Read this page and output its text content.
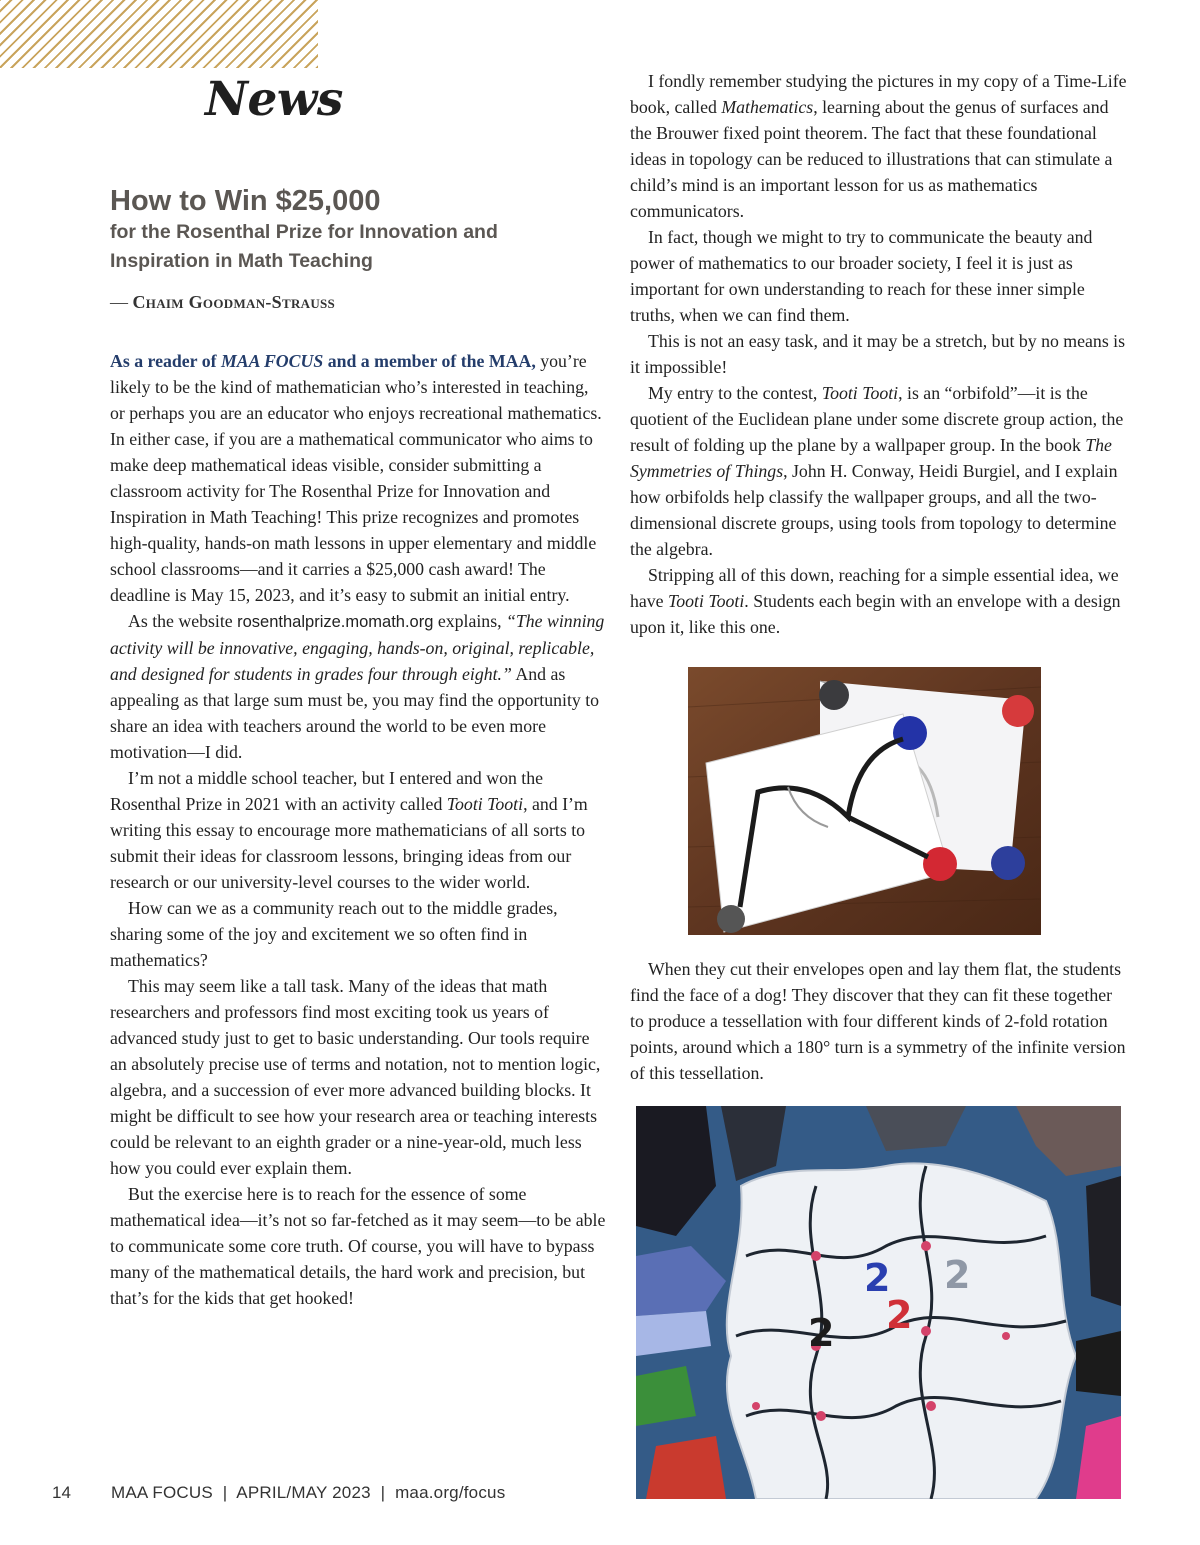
News
How to Win $25,000
for the Rosenthal Prize for Innovation and Inspiration in Math Teaching
— Chaim Goodman-Strauss

As a reader of MAA FOCUS and a member of the MAA, you’re likely to be the kind of mathematician who’s interested in teaching, or perhaps you are an educator who enjoys recreational mathematics. In either case, if you are a mathematical communicator who aims to make deep mathematical ideas visible, consider submitting a classroom activity for The Rosenthal Prize for Innovation and Inspiration in Math Teaching! This prize recognizes and promotes high-quality, hands-on math lessons in upper elementary and middle school classrooms—and it carries a $25,000 cash award! The deadline is May 15, 2023, and it’s easy to submit an initial entry.

As the website rosenthalprize.momath.org explains, “The winning activity will be innovative, engaging, hands-on, original, replicable, and designed for students in grades four through eight.” And as appealing as that large sum must be, you may find the opportunity to share an idea with teachers around the world to be even more motivation—I did.

I’m not a middle school teacher, but I entered and won the Rosenthal Prize in 2021 with an activity called Tooti Tooti, and I’m writing this essay to encourage more mathematicians of all sorts to submit their ideas for classroom lessons, bringing ideas from our research or our university-level courses to the wider world.

How can we as a community reach out to the middle grades, sharing some of the joy and excitement we so often find in mathematics?

This may seem like a tall task. Many of the ideas that math researchers and professors find most exciting took us years of advanced study just to get to basic understanding. Our tools require an absolutely precise use of terms and notation, not to mention logic, algebra, and a succession of ever more advanced building blocks. It might be difficult to see how your research area or teaching interests could be relevant to an eighth grader or a nine-year-old, much less how you could ever explain them.

But the exercise here is to reach for the essence of some mathematical idea—it’s not so far-fetched as it may seem—to be able to communicate some core truth. Of course, you will have to bypass many of the mathematical details, the hard work and precision, but that’s for the kids that get hooked!

I fondly remember studying the pictures in my copy of a Time-Life book, called Mathematics, learning about the genus of surfaces and the Brouwer fixed point theorem. The fact that these foundational ideas in topology can be reduced to illustrations that can stimulate a child’s mind is an important lesson for us as mathematics communicators.

In fact, though we might to try to communicate the beauty and power of mathematics to our broader society, I feel it is just as important for own understanding to reach for these inner simple truths, when we can find them.

This is not an easy task, and it may be a stretch, but by no means is it impossible!

My entry to the contest, Tooti Tooti, is an “orbifold”—it is the quotient of the Euclidean plane under some discrete group action, the result of folding up the plane by a wallpaper group. In the book The Symmetries of Things, John H. Conway, Heidi Burgiel, and I explain how orbifolds help classify the wallpaper groups, and all the two-dimensional discrete groups, using tools from topology to determine the algebra.

Stripping all of this down, reaching for a simple essential idea, we have Tooti Tooti. Students each begin with an envelope with a design upon it, like this one.

When they cut their envelopes open and lay them flat, the students find the face of a dog! They discover that they can fit these together to produce a tessellation with four different kinds of 2-fold rotation points, around which a 180° turn is a symmetry of the infinite version of this tessellation.

2 2
2
2
14 MAA FOCUS  |  APRIL/MAY 2023  |  maa.org/focus
